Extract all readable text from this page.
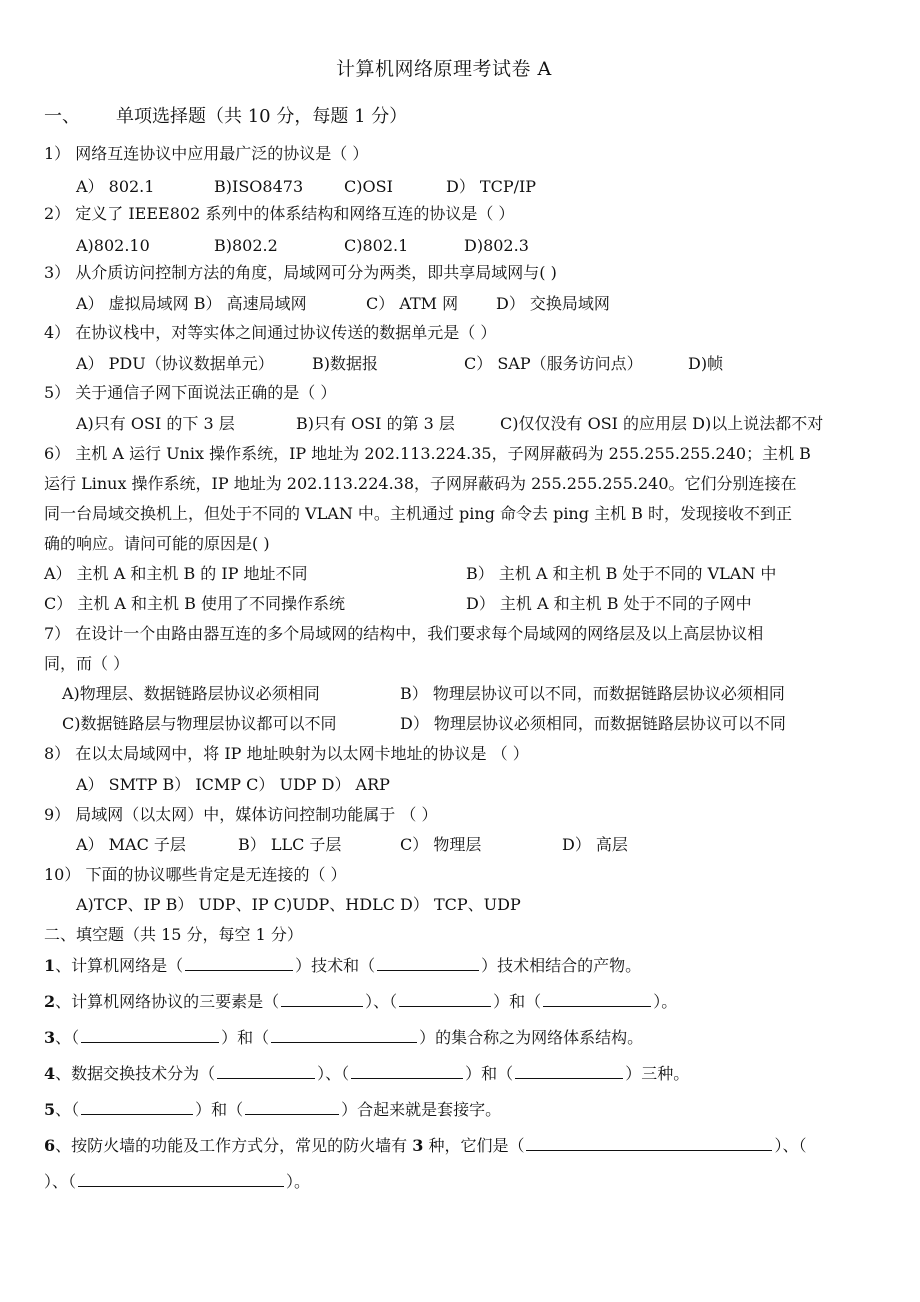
计算机网络原理考试卷 A
一、 单项选择题（共 10 分，每题 1 分）
1） 网络互连协议中应用最广泛的协议是（ ）
A） 802.1	B)ISO8473	C)OSI	D） TCP/IP
2） 定义了 IEEE802 系列中的体系结构和网络互连的协议是（ ）
A)802.10	B)802.2	C)802.1	D)802.3
3） 从介质访问控制方法的角度，局域网可分为两类，即共享局域网与( )
A） 虚拟局域网 B） 高速局域网	C） ATM 网 D） 交换局域网
4） 在协议栈中，对等实体之间通过协议传送的数据单元是（ ）
A） PDU（协议数据单元） B)数据报	C） SAP（服务访问点）	D)帧
5） 关于通信子网下面说法正确的是（ ）
A)只有 OSI 的下 3 层	B)只有 OSI 的第 3 层	C)仅仅没有 OSI 的应用层 D)以上说法都不对
6） 主机 A 运行 Unix 操作系统，IP 地址为 202.113.224.35，子网屏蔽码为 255.255.255.240；主机 B
运行 Linux 操作系统，IP 地址为 202.113.224.38，子网屏蔽码为 255.255.255.240。它们分别连接在
同一台局域交换机上，但处于不同的 VLAN 中。主机通过 ping 命令去 ping 主机 B 时，发现接收不到正
确的响应。请问可能的原因是( )
A） 主机 A 和主机 B 的 IP 地址不同	B） 主机 A 和主机 B 处于不同的 VLAN 中
C） 主机 A 和主机 B 使用了不同操作系统	D） 主机 A 和主机 B 处于不同的子网中
7） 在设计一个由路由器互连的多个局域网的结构中，我们要求每个局域网的网络层及以上高层协议相
同，而（ ）
A)物理层、数据链路层协议必须相同	B） 物理层协议可以不同，而数据链路层协议必须相同
C)数据链路层与物理层协议都可以不同	D） 物理层协议必须相同，而数据链路层协议可以不同
8） 在以太局域网中，将 IP 地址映射为以太网卡地址的协议是 （ ）
A） SMTP B） ICMP C） UDP D） ARP
9） 局域网（以太网）中，媒体访问控制功能属于 （ ）
A） MAC 子层	B） LLC 子层	C） 物理层	D） 高层
10） 下面的协议哪些肯定是无连接的（ ）
A)TCP、IP B） UDP、IP C)UDP、HDLC D） TCP、UDP
二、填空题（共 15 分，每空 1 分）
1、计算机网络是（	）技术和（	）技术相结合的产物。
2、计算机网络协议的三要素是（	）、（	）和（	）。
3、（	）和（	）的集合称之为网络体系结构。
4、数据交换技术分为（	）、（	）和（	）三种。
5、（	）和（	）合起来就是套接字。
6、按防火墙的功能及工作方式分，常见的防火墙有 3 种，它们是（	）、（
）、（	）。
